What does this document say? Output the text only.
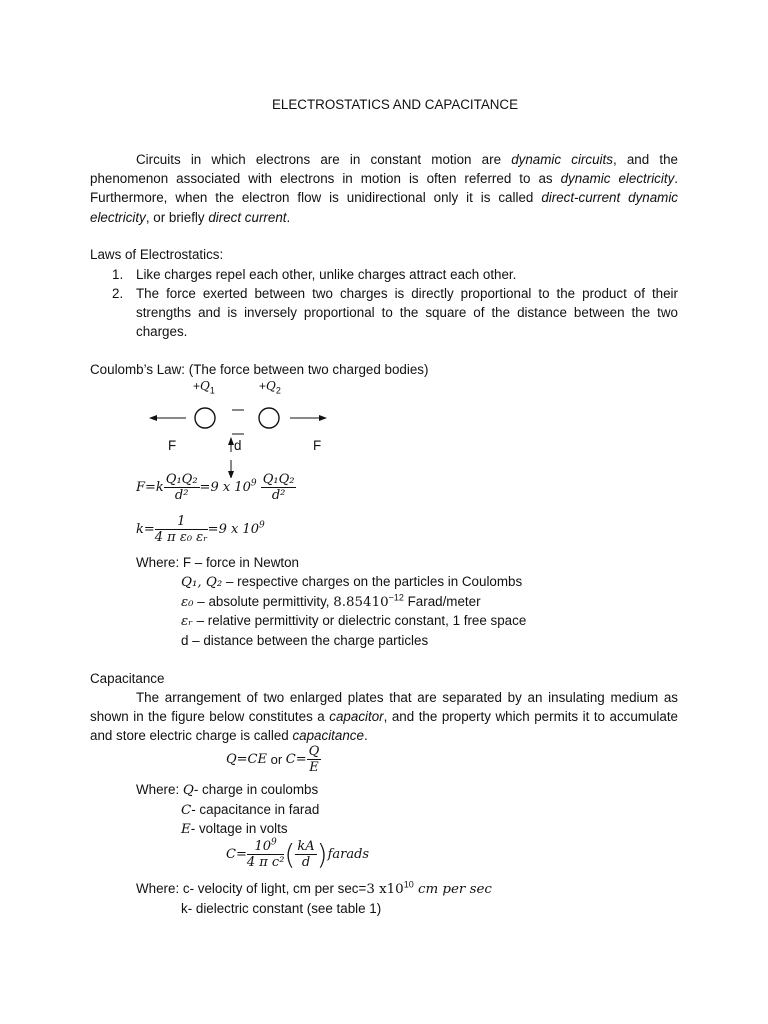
ELECTROSTATICS AND CAPACITANCE
Circuits in which electrons are in constant motion are dynamic circuits, and the phenomenon associated with electrons in motion is often referred to as dynamic electricity. Furthermore, when the electron flow is unidirectional only it is called direct-current dynamic electricity, or briefly direct current.
Laws of Electrostatics:
1. Like charges repel each other, unlike charges attract each other.
2. The force exerted between two charges is directly proportional to the product of their strengths and is inversely proportional to the square of the distance between the two charges.
Coulomb’s Law: (The force between two charged bodies)
$+Q_1$	$+Q_2$
F	d	F
$F=k \frac{\text{Q₁Q₂}}{\text{d²}} =9$ x $10^9 \frac{\text{Q₁Q₂}}{\text{d²}}$
$k= \frac{1}{\text{4 π ε₀ εᵣ}} =9$ x $10^9$
Where: F – force in Newton
Q₁, Q₂ – respective charges on the particles in Coulombs
ε₀ – absolute permittivity, $8.85410^{-12}$ Farad/meter
εᵣ – relative permittivity or dielectric constant, 1 free space
d – distance between the charge particles
Capacitance
The arrangement of two enlarged plates that are separated by an insulating medium as shown in the figure below constitutes a capacitor, and the property which permits it to accumulate and store electric charge is called capacitance.
Q=CE or $C= \frac{Q}{E}$
Where: Q- charge in coulombs
C- capacitance in farad
E- voltage in volts
$C= \frac{10^9}{\text{4 π c²}}$ ( $\frac{kA}{d}$ )farads
Where: c- velocity of light, cm per sec=3 $x10^{10}$ cm per sec
k- dielectric constant (see table 1)
